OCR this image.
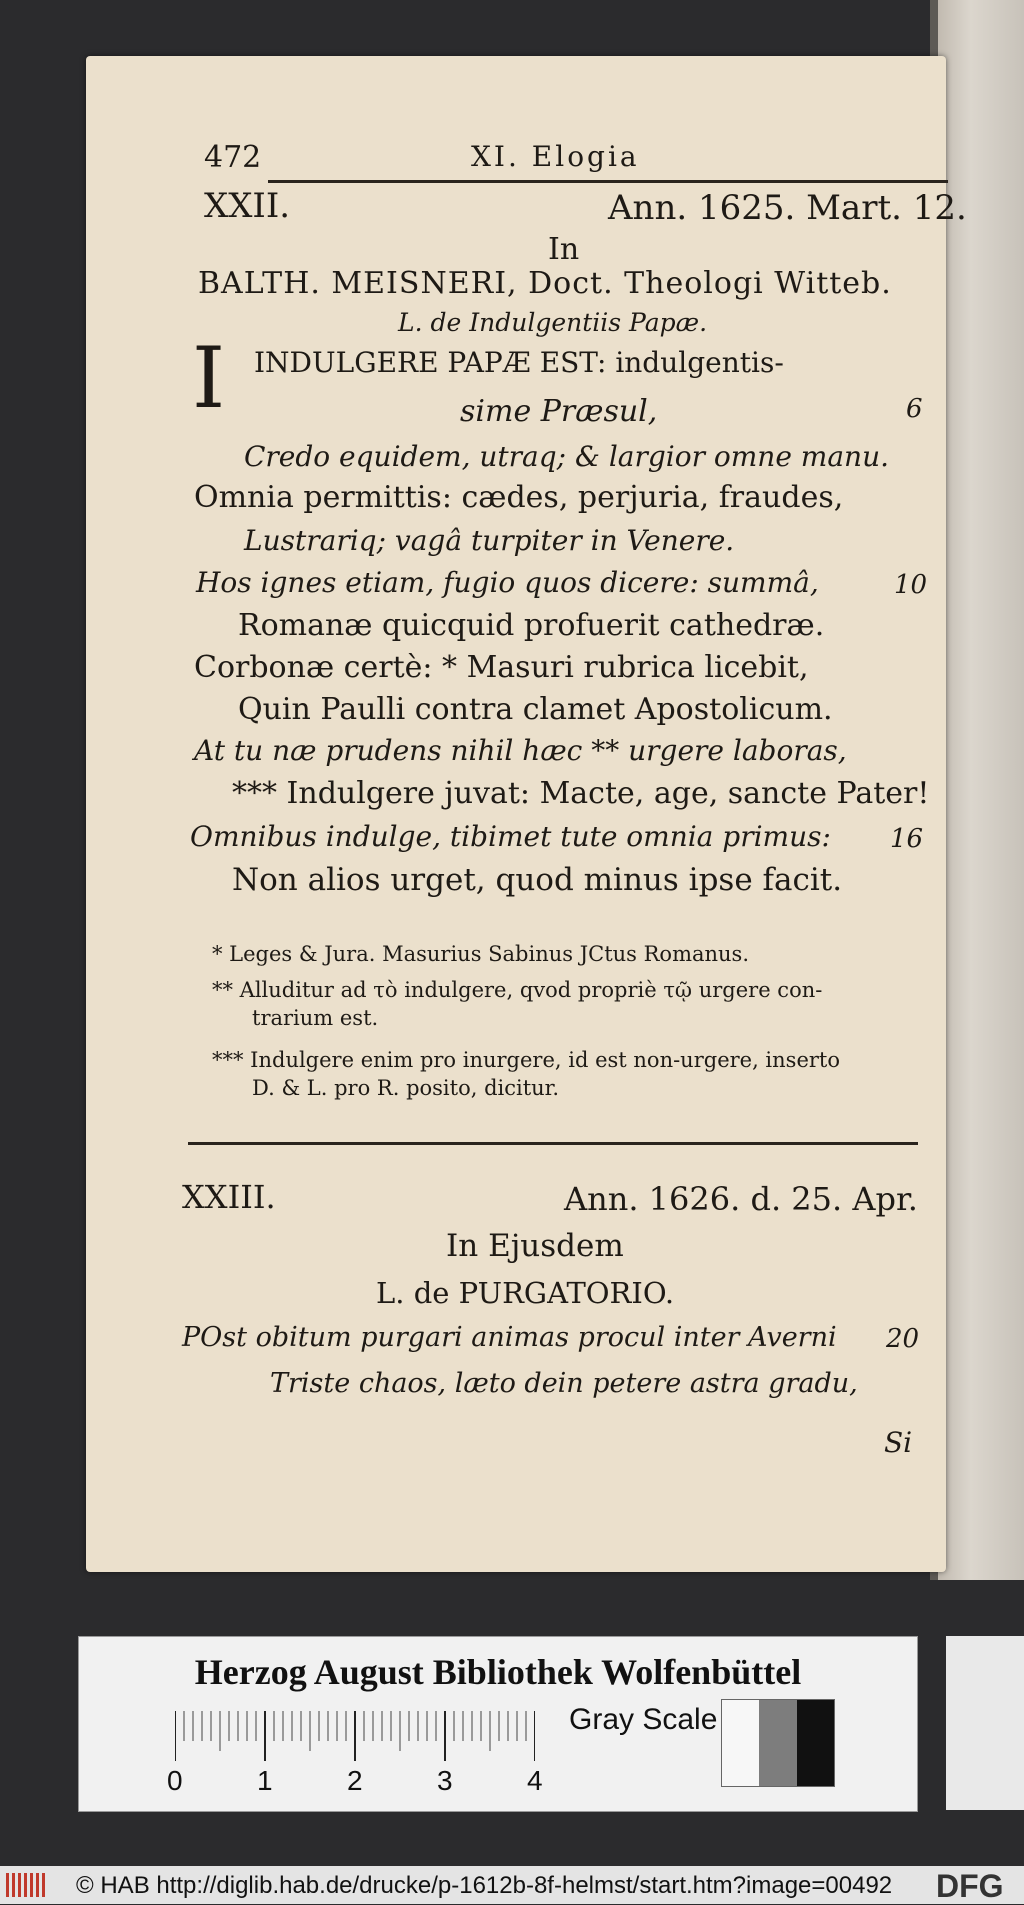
472	XI. Elogia
XXII.	Ann. 1625. Mart. 12.
In
BALTH. MEISNERI, Doct. Theologi Witteb.
L. de Indulgentiis Papæ.
I INDULGERE PAPÆ EST: indulgentis-
sime Præsul,	6
Credo equidem, utraq; & largior omne manu.
Omnia permittis: cædes, perjuria, fraudes,
Lustrariq; vagâ turpiter in Venere.
Hos ignes etiam, fugio quos dicere: summâ,	10
Romanæ quicquid profuerit cathedræ.
Corbonæ certè: * Masuri rubrica licebit,
Quin Paulli contra clamet Apostolicum.
At tu næ prudens nihil hæc ** urgere laboras,
*** Indulgere juvat: Macte, age, sancte Pater!
Omnibus indulge, tibimet tute omnia primus: 16
Non alios urget, quod minus ipse facit.
* Leges & Jura. Masurius Sabinus JCtus Romanus.
** Alluditur ad τὸ indulgere, qvod propriè τῷ urgere con-
trarium est.
*** Indulgere enim pro inurgere, id est non-urgere, inserto
D. & L. pro R. posito, dicitur.
XXIII.	Ann. 1626. d. 25. Apr.
In Ejusdem
L. de PURGATORIO.
POst obitum purgari animas procul inter Averni 20
Triste chaos, læto dein petere astra gradu,
Si
Herzog August Bibliothek Wolfenbüttel
0	1	2	3	4
Gray Scale
© HAB http://diglib.hab.de/drucke/p-1612b-8f-helmst/start.htm?image=00492 DFG
